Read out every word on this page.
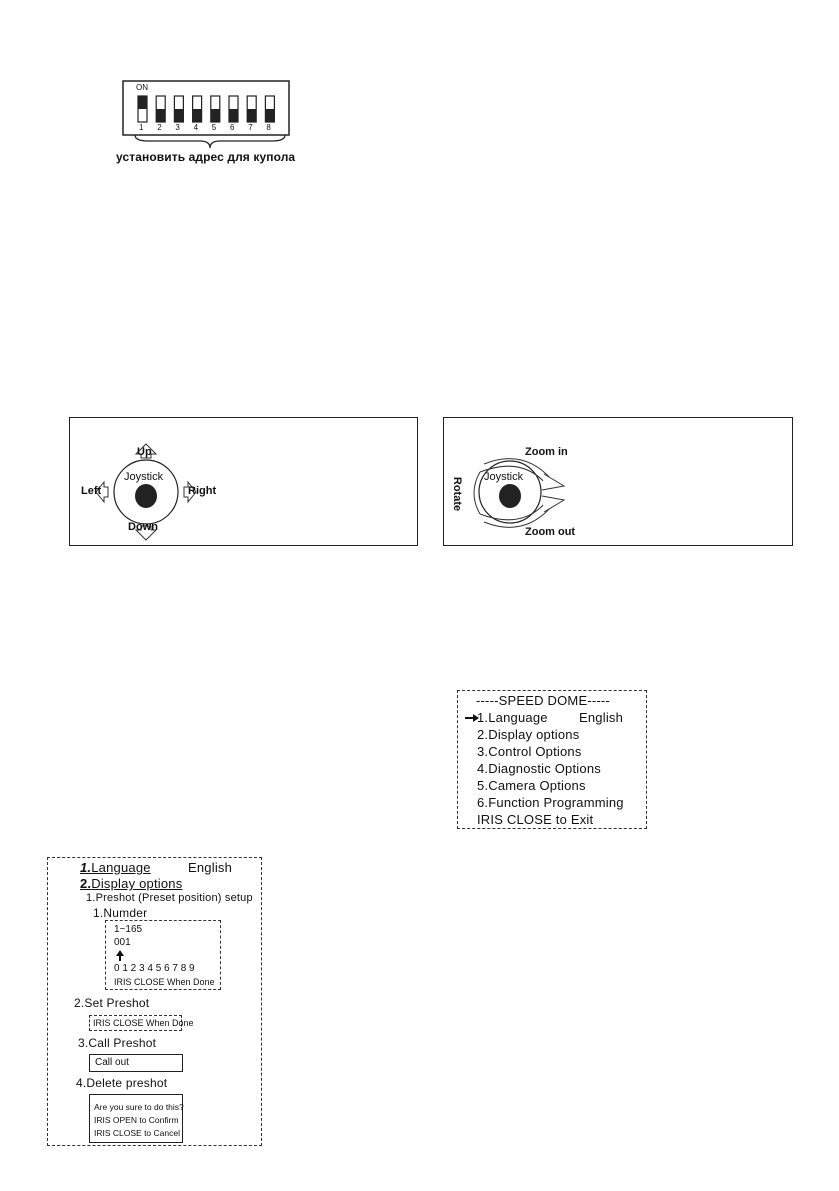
ON
1 2 3 4 5 6 7 8
установить адрес для купола
Up
Joystick
Left	Right
Down
Zoom in
Joystick
Rotate
Zoom out
-----SPEED DOME-----
1.Language English
2.Display options
3.Control Options
4.Diagnostic Options
5.Camera Options
6.Function Programming
IRIS CLOSE to Exit
1.Language	English
2.Display options
1.Preshot (Preset position) setup
1.Numder
1~165
001
0 1 2 3 4 5 6 7 8 9
IRIS CLOSE When Done
2.Set Preshot
IRIS CLOSE When Done
3.Call Preshot
Call out
4.Delete preshot
Are you sure to do this?
IRIS OPEN to Confirm
IRIS CLOSE to Cancel
